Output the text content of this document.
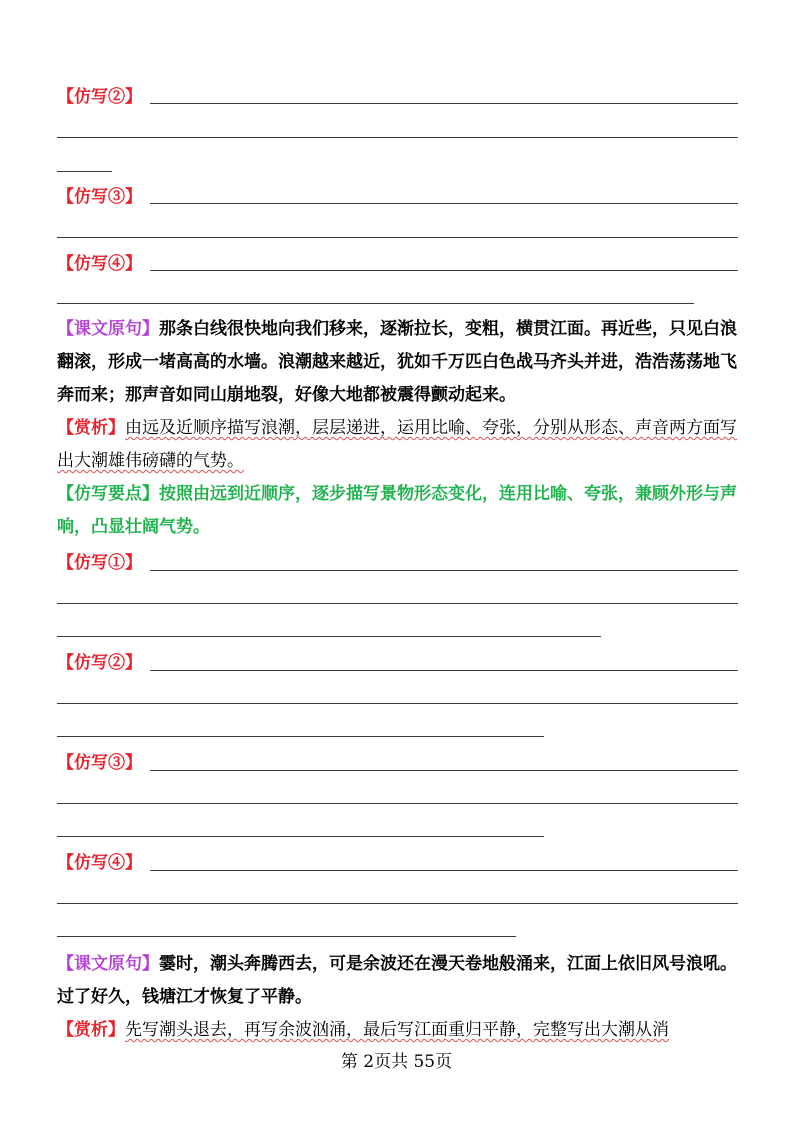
【仿写②】
【仿写③】
【仿写④】
【课文原句】那条白线很快地向我们移来，逐渐拉长，变粗，横贯江面。再近些，只见白浪翻滚，形成一堵高高的水墙。浪潮越来越近，犹如千万匹白色战马齐头并进，浩浩荡荡地飞奔而来；那声音如同山崩地裂，好像大地都被震得颤动起来。
【赏析】由远及近顺序描写浪潮，层层递进，运用比喻、夸张，分别从形态、声音两方面写出大潮雄伟磅礴的气势。
【仿写要点】按照由远到近顺序，逐步描写景物形态变化，连用比喻、夸张，兼顾外形与声响，凸显壮阔气势。
【仿写①】
【仿写②】
【仿写③】
【仿写④】
【课文原句】霎时，潮头奔腾西去，可是余波还在漫天卷地般涌来，江面上依旧风号浪吼。过了好久，钱塘江才恢复了平静。
【赏析】先写潮头退去，再写余波汹涌，最后写江面重归平静，完整写出大潮从消
第 2页共 55页
